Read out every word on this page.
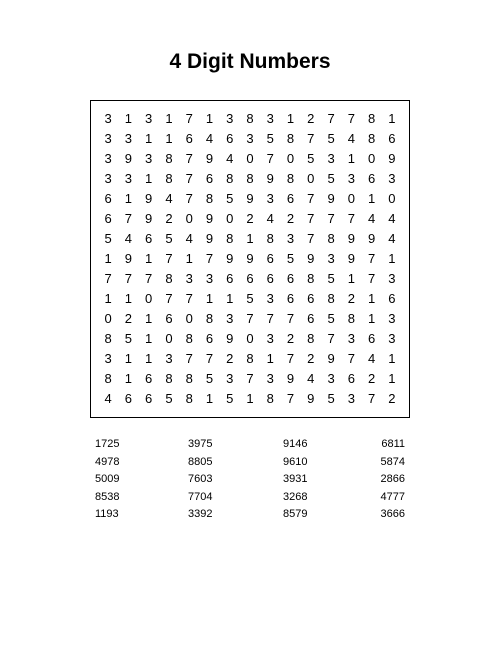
4 Digit Numbers
3	1	3	1	7	1	3	8	3	1	2	7	7	8	1
3	3	1	1	6	4	6	3	5	8	7	5	4	8	6
3	9	3	8	7	9	4	0	7	0	5	3	1	0	9
3	3	1	8	7	6	8	8	9	8	0	5	3	6	3
6	1	9	4	7	8	5	9	3	6	7	9	0	1	0
6	7	9	2	0	9	0	2	4	2	7	7	7	4	4
5	4	6	5	4	9	8	1	8	3	7	8	9	9	4
1	9	1	7	1	7	9	9	6	5	9	3	9	7	1
7	7	7	8	3	3	6	6	6	6	8	5	1	7	3
1	1	0	7	7	1	1	5	3	6	6	8	2	1	6
0	2	1	6	0	8	3	7	7	7	6	5	8	1	3
8	5	1	0	8	6	9	0	3	2	8	7	3	6	3
3	1	1	3	7	7	2	8	1	7	2	9	7	4	1
8	1	6	8	8	5	3	7	3	9	4	3	6	2	1
4	6	6	5	8	1	5	1	8	7	9	5	3	7	2
1725	3975	9146	6811
4978	8805	9610	5874
5009	7603	3931	2866
8538	7704	3268	4777
1193	3392	8579	3666
